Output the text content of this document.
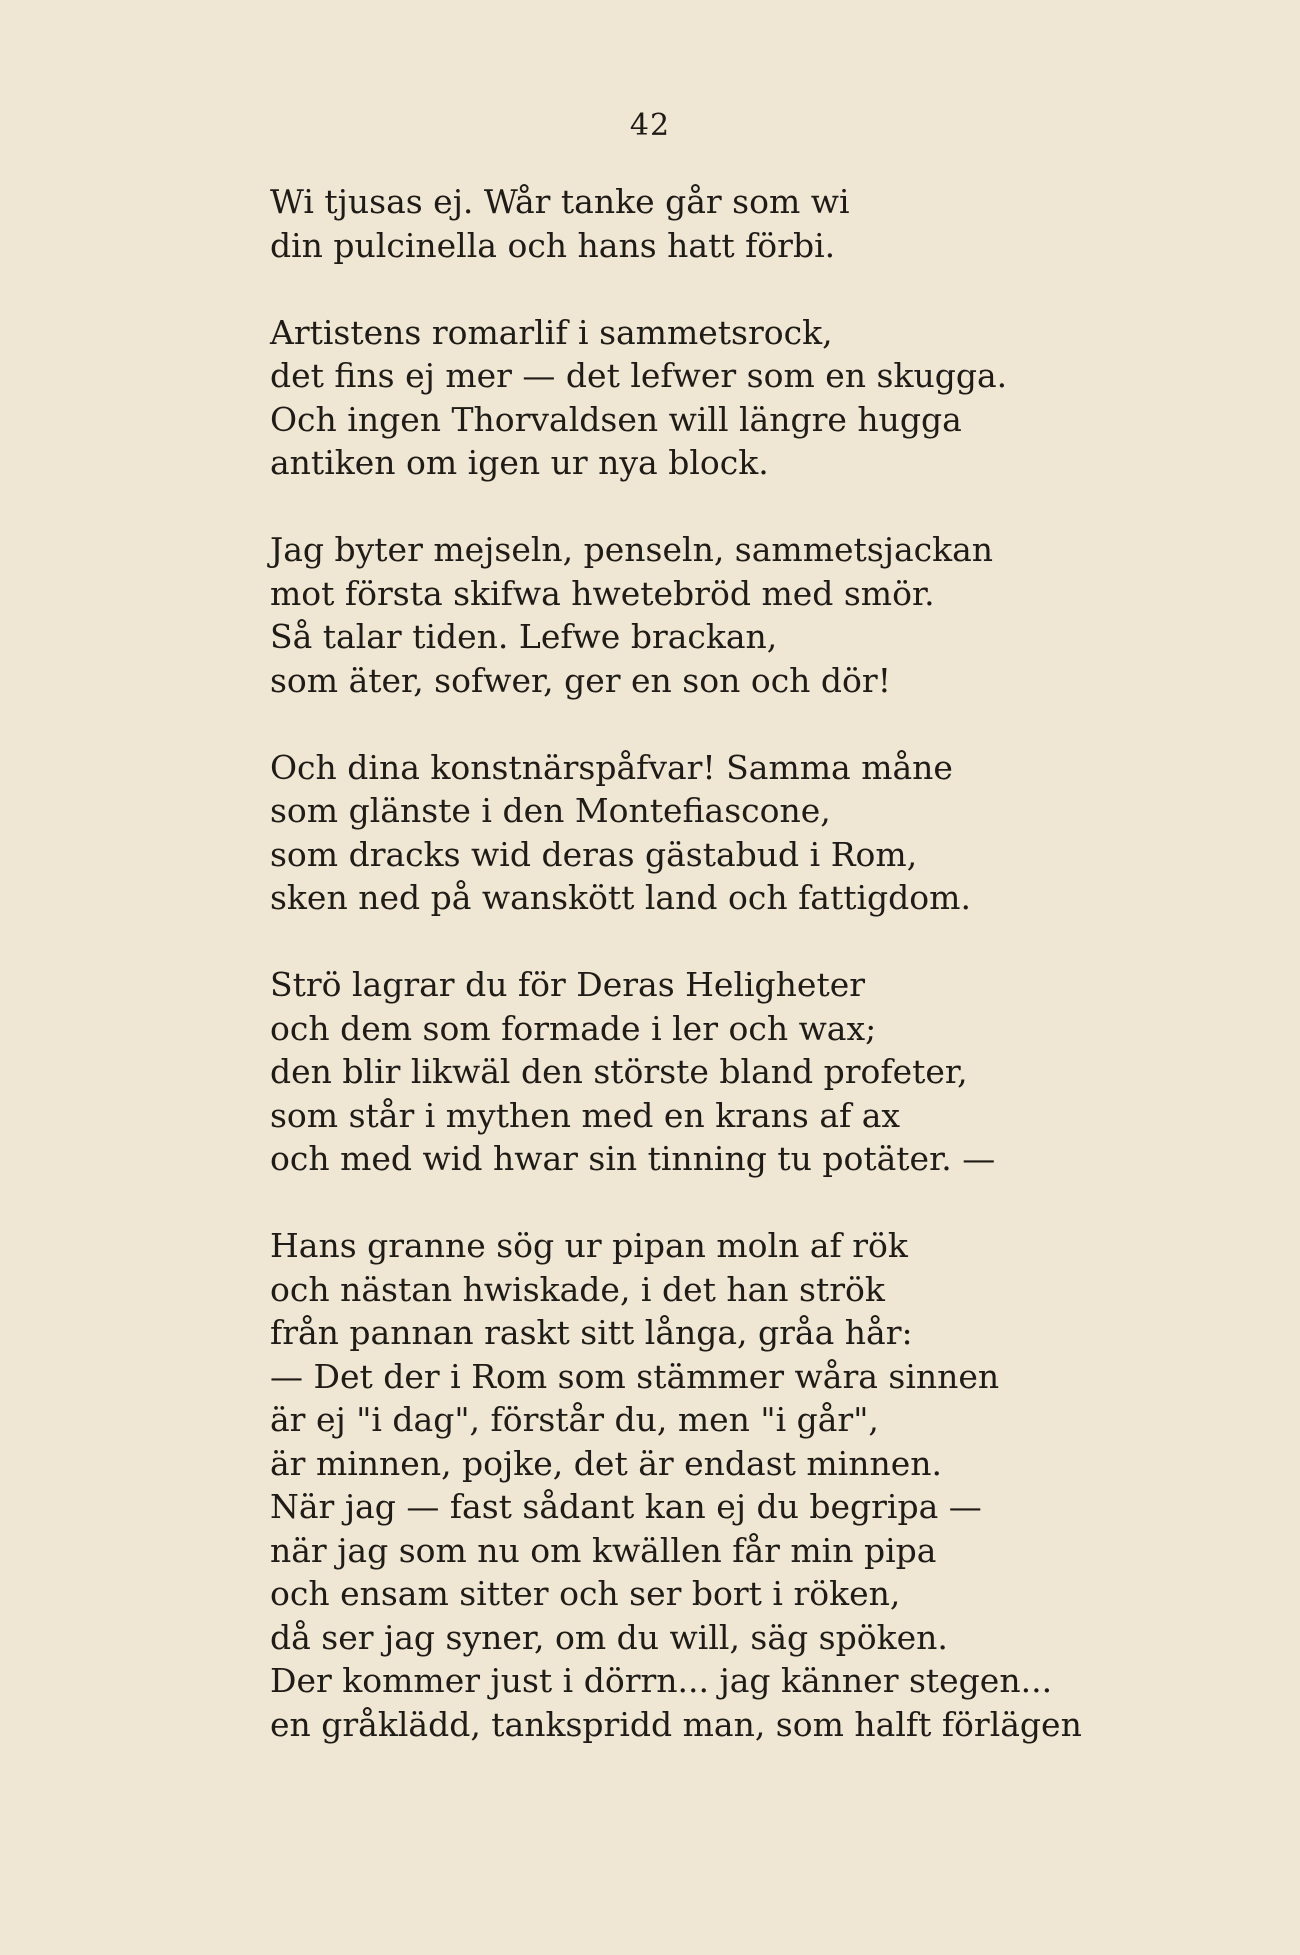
42
Wi tjusas ej. Wår tanke går som wi
din pulcinella och hans hatt förbi.
Artistens romarlif i sammetsrock,
det fins ej mer — det lefwer som en skugga.
Och ingen Thorvaldsen will längre hugga
antiken om igen ur nya block.
Jag byter mejseln, penseln, sammetsjackan
mot första skifwa hwetebröd med smör.
Så talar tiden. Lefwe brackan,
som äter, sofwer, ger en son och dör!
Och dina konstnärspåfvar! Samma måne
som glänste i den Montefiascone,
som dracks wid deras gästabud i Rom,
sken ned på wanskött land och fattigdom.
Strö lagrar du för Deras Heligheter
och dem som formade i ler och wax;
den blir likwäl den störste bland profeter,
som står i mythen med en krans af ax
och med wid hwar sin tinning tu potäter. —
Hans granne sög ur pipan moln af rök
och nästan hwiskade, i det han strök
från pannan raskt sitt långa, gråa hår:
— Det der i Rom som stämmer wåra sinnen
är ej "i dag", förstår du, men "i går",
är minnen, pojke, det är endast minnen.
När jag — fast sådant kan ej du begripa —
när jag som nu om kwällen får min pipa
och ensam sitter och ser bort i röken,
då ser jag syner, om du will, säg spöken.
Der kommer just i dörrn... jag känner stegen...
en gråklädd, tankspridd man, som halft förlägen
